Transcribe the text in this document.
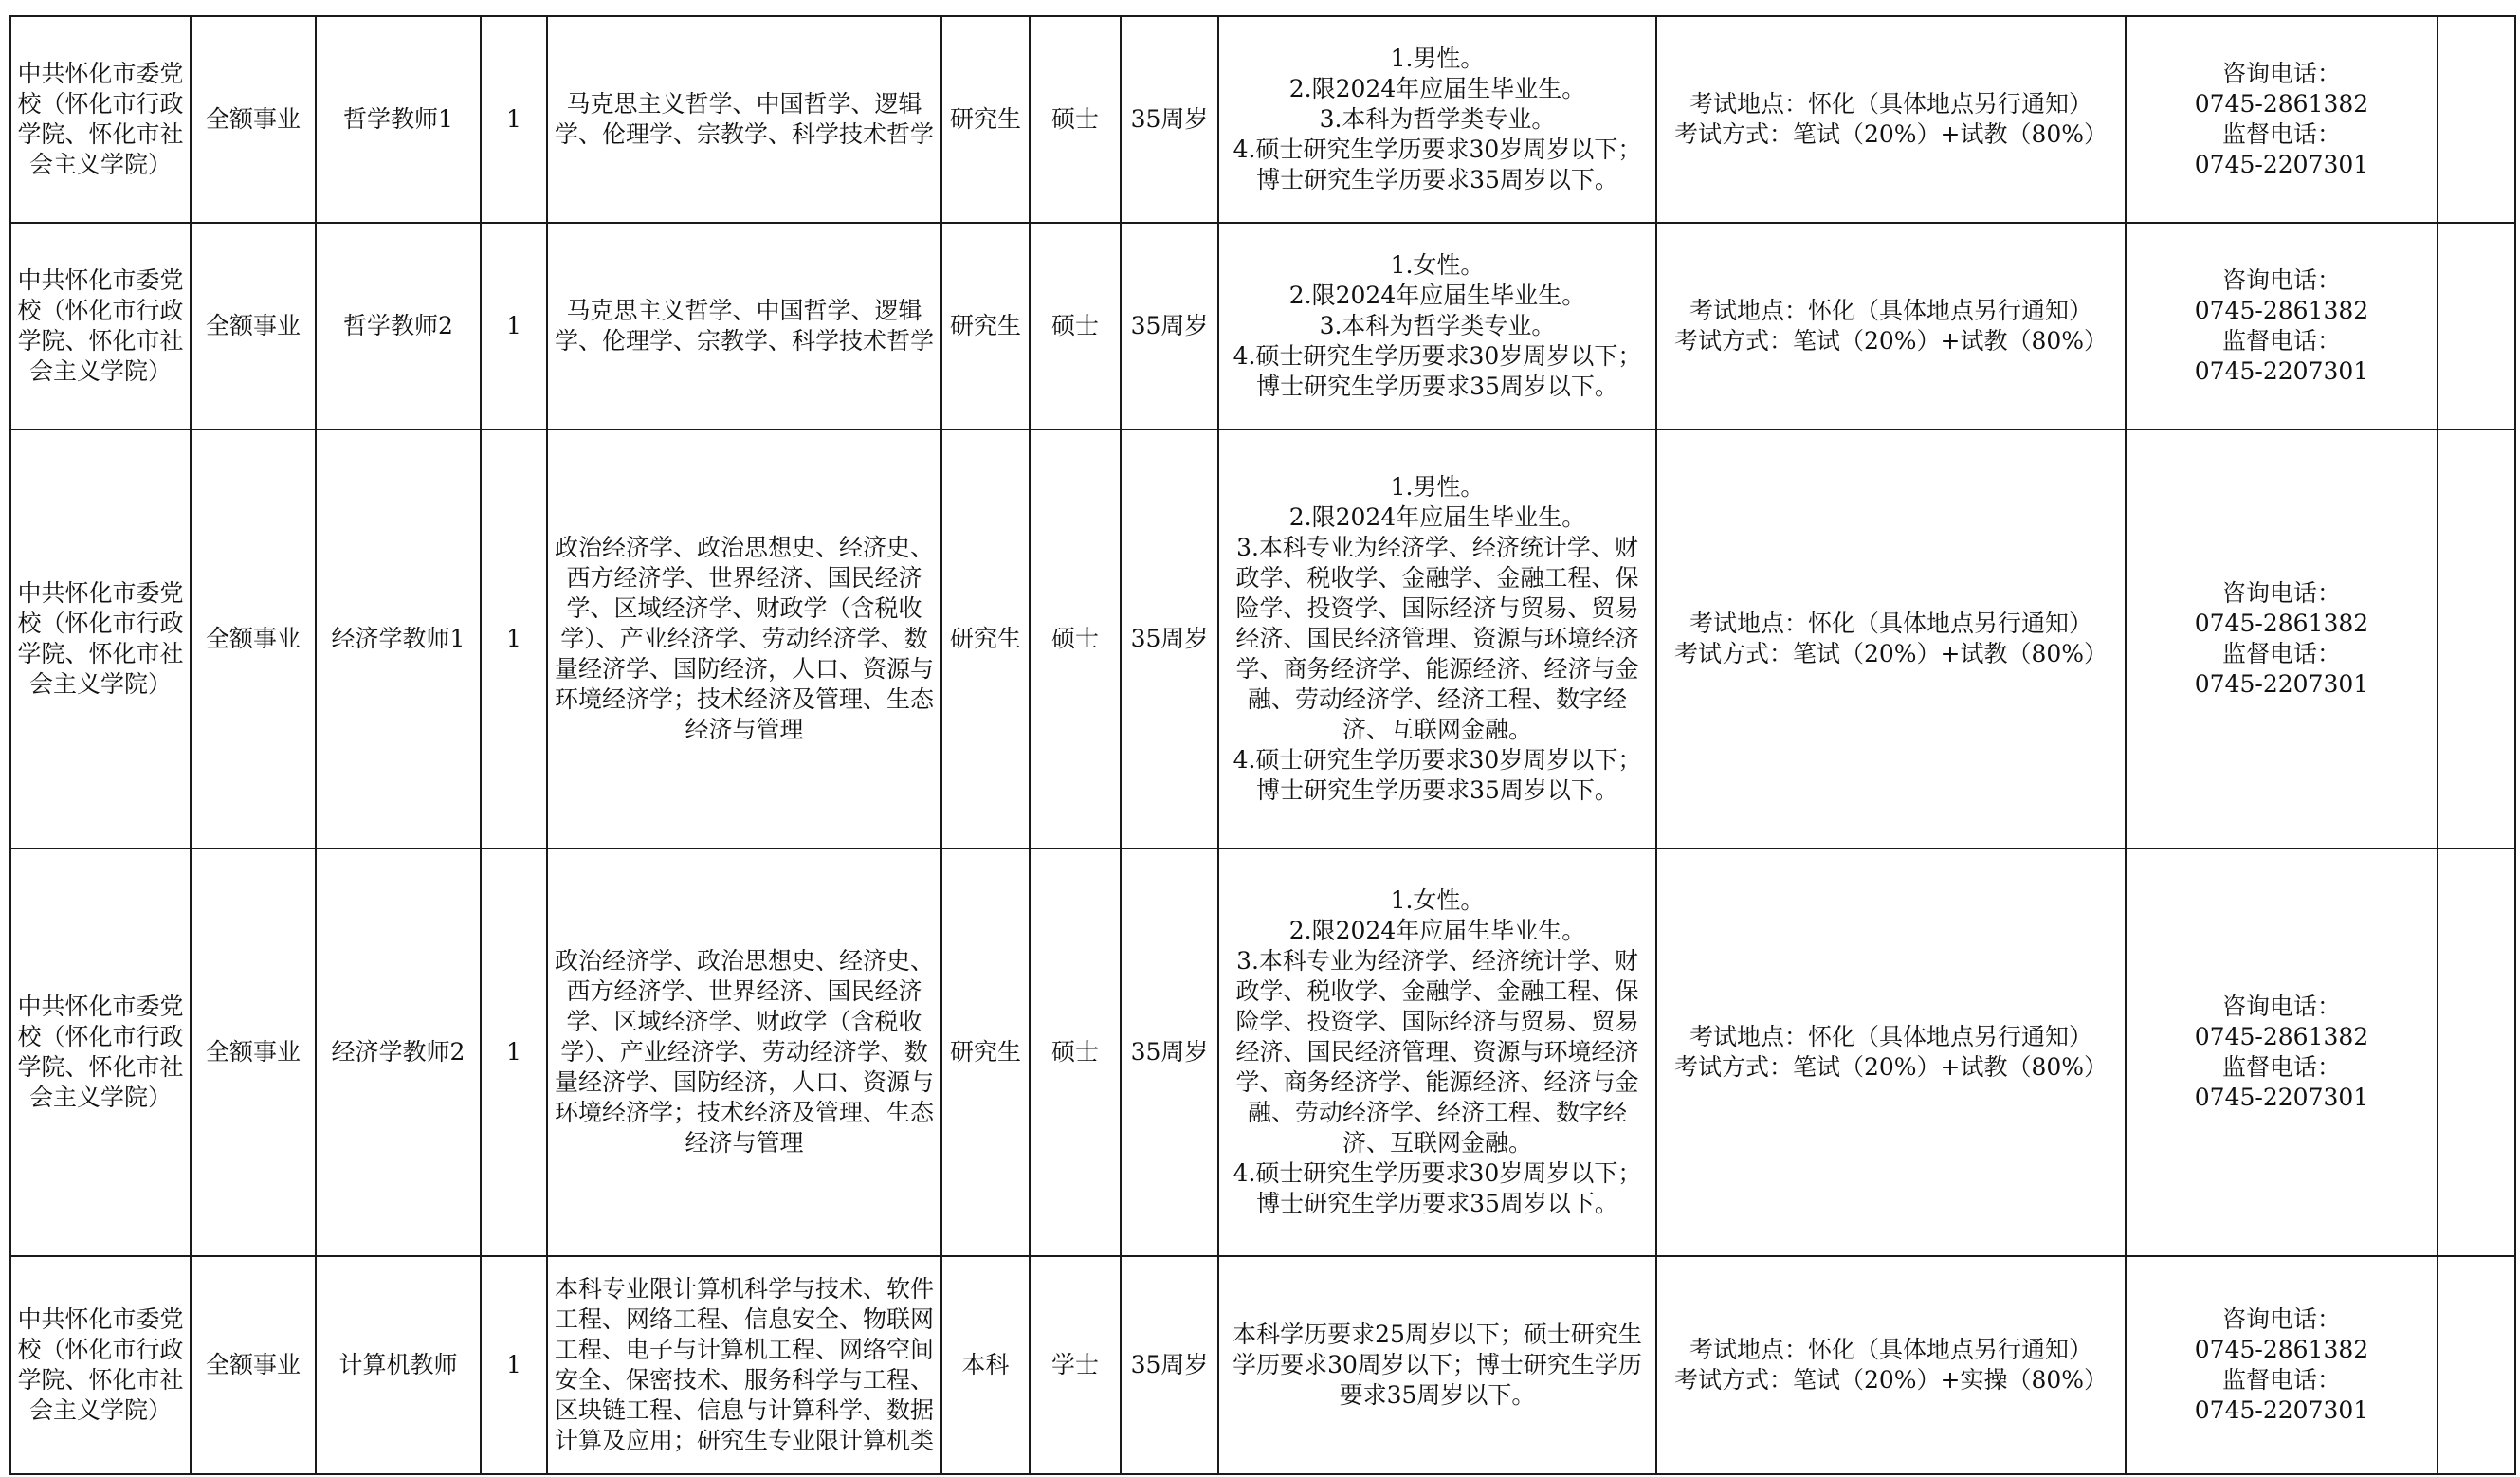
中共怀化市委党校（怀化市行政学院、怀化市社会主义学院）	全额事业	哲学教师1	1	马克思主义哲学、中国哲学、逻辑学、伦理学、宗教学、科学技术哲学	研究生	硕士	35周岁	1.男性。
2.限2024年应届生毕业生。
3.本科为哲学类专业。
4.硕士研究生学历要求30岁周岁以下；博士研究生学历要求35周岁以下。	考试地点：怀化（具体地点另行通知）
考试方式：笔试（20%）+试教（80%）	咨询电话：
0745-2861382
监督电话：
0745-2207301	

中共怀化市委党校（怀化市行政学院、怀化市社会主义学院）	全额事业	哲学教师2	1	马克思主义哲学、中国哲学、逻辑学、伦理学、宗教学、科学技术哲学	研究生	硕士	35周岁	1.女性。
2.限2024年应届生毕业生。
3.本科为哲学类专业。
4.硕士研究生学历要求30岁周岁以下；博士研究生学历要求35周岁以下。	考试地点：怀化（具体地点另行通知）
考试方式：笔试（20%）+试教（80%）	咨询电话：
0745-2861382
监督电话：
0745-2207301	

中共怀化市委党校（怀化市行政学院、怀化市社会主义学院）	全额事业	经济学教师1	1	政治经济学、政治思想史、经济史、西方经济学、世界经济、国民经济学、区域经济学、财政学（含税收学）、产业经济学、劳动经济学、数量经济学、国防经济，人口、资源与环境经济学；技术经济及管理、生态经济与管理	研究生	硕士	35周岁	1.男性。
2.限2024年应届生毕业生。
3.本科专业为经济学、经济统计学、财政学、税收学、金融学、金融工程、保险学、投资学、国际经济与贸易、贸易经济、国民经济管理、资源与环境经济学、商务经济学、能源经济、经济与金融、劳动经济学、经济工程、数字经济、互联网金融。
4.硕士研究生学历要求30岁周岁以下；博士研究生学历要求35周岁以下。	考试地点：怀化（具体地点另行通知）
考试方式：笔试（20%）+试教（80%）	咨询电话：
0745-2861382
监督电话：
0745-2207301	

中共怀化市委党校（怀化市行政学院、怀化市社会主义学院）	全额事业	经济学教师2	1	政治经济学、政治思想史、经济史、西方经济学、世界经济、国民经济学、区域经济学、财政学（含税收学）、产业经济学、劳动经济学、数量经济学、国防经济，人口、资源与环境经济学；技术经济及管理、生态经济与管理	研究生	硕士	35周岁	1.女性。
2.限2024年应届生毕业生。
3.本科专业为经济学、经济统计学、财政学、税收学、金融学、金融工程、保险学、投资学、国际经济与贸易、贸易经济、国民经济管理、资源与环境经济学、商务经济学、能源经济、经济与金融、劳动经济学、经济工程、数字经济、互联网金融。
4.硕士研究生学历要求30岁周岁以下；博士研究生学历要求35周岁以下。	考试地点：怀化（具体地点另行通知）
考试方式：笔试（20%）+试教（80%）	咨询电话：
0745-2861382
监督电话：
0745-2207301	

中共怀化市委党校（怀化市行政学院、怀化市社会主义学院）	全额事业	计算机教师	1	本科专业限计算机科学与技术、软件工程、网络工程、信息安全、物联网工程、电子与计算机工程、网络空间安全、保密技术、服务科学与工程、区块链工程、信息与计算科学、数据计算及应用；研究生专业限计算机类	本科	学士	35周岁	本科学历要求25周岁以下；硕士研究生学历要求30周岁以下；博士研究生学历要求35周岁以下。	考试地点：怀化（具体地点另行通知）
考试方式：笔试（20%）+实操（80%）	咨询电话：
0745-2861382
监督电话：
0745-2207301	
